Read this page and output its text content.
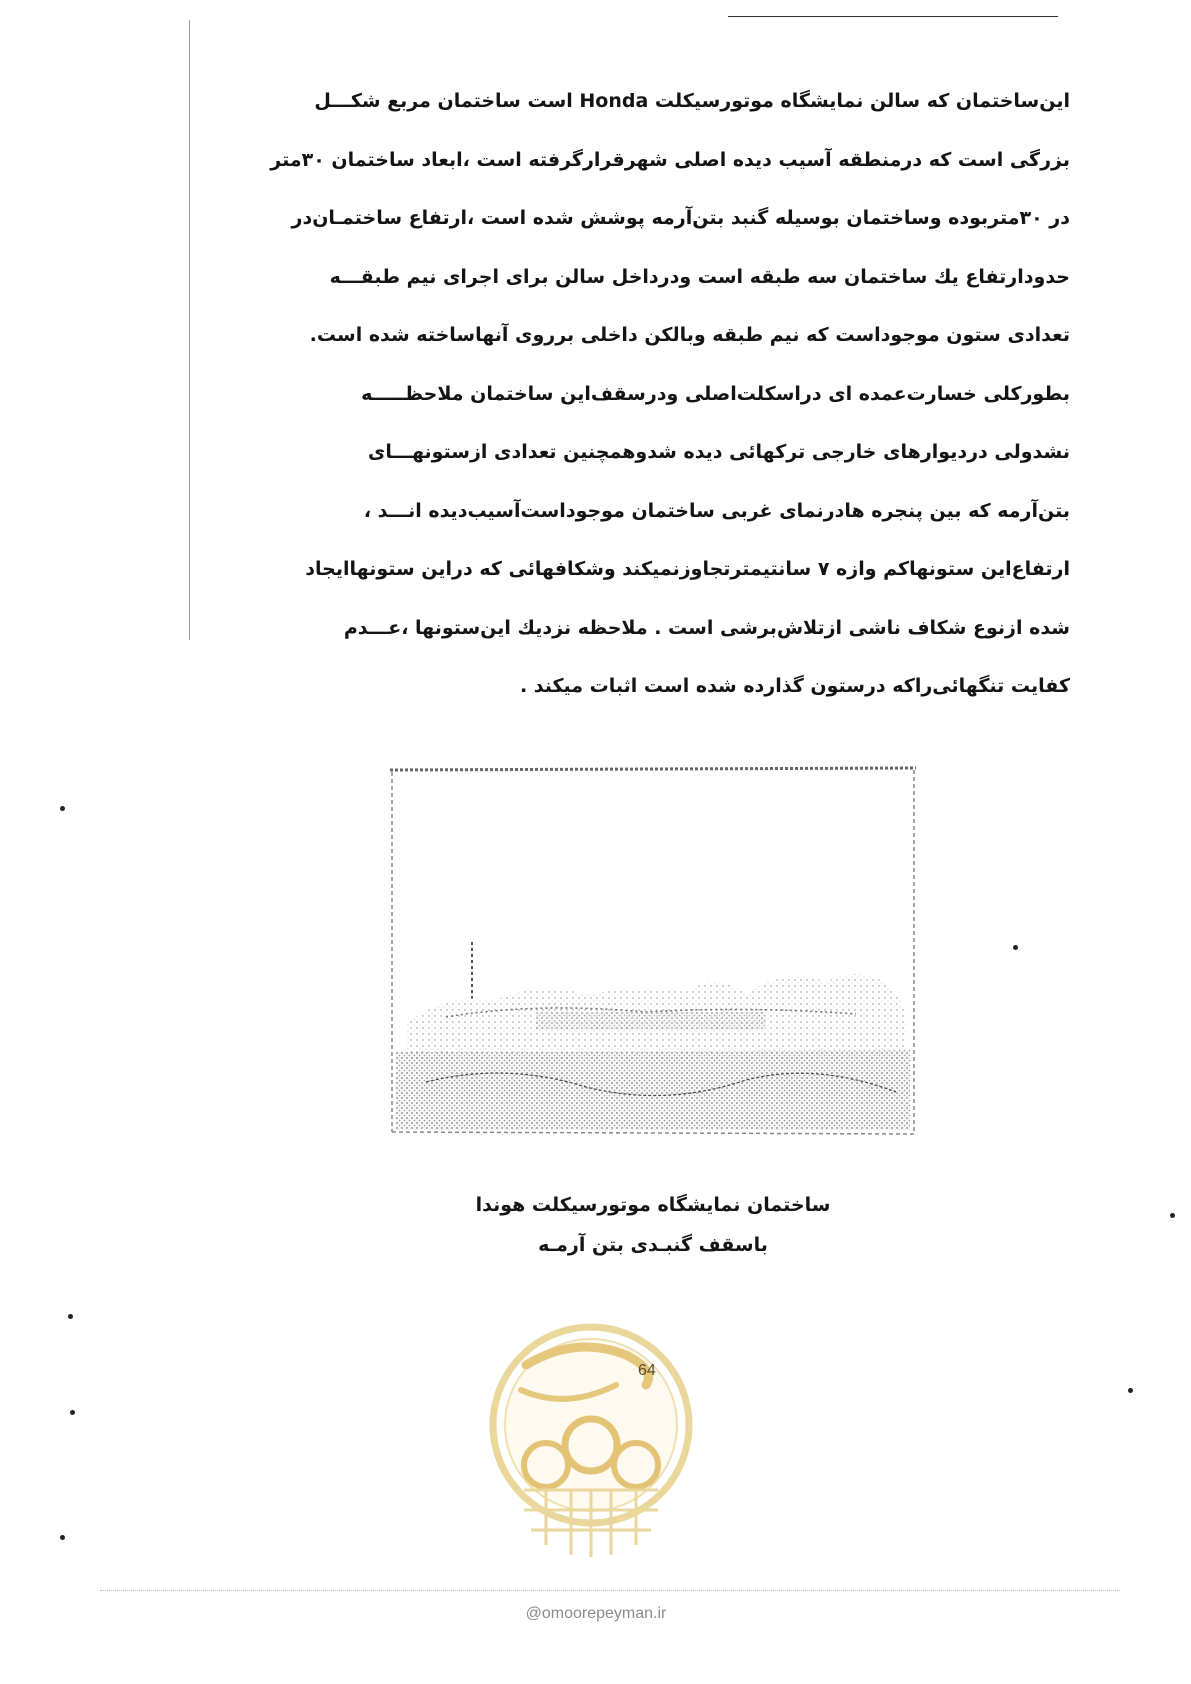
این‌ساختمان که سالن نمایشگاه موتورسیکلت Honda است ساختمان مربع شکـــل

بزرگی است که درمنطقه آسیب دیده اصلی شهرقرارگرفته است ،ابعاد ساختمان ۳۰متر

در ۳۰متربوده وساختمان بوسیله گنبد بتن‌آرمه پوشش شده است ،ارتفاع ساختمـان‌در

حدود‌ارتفاع یك ساختمان سه طبقه است ودرداخل سالن برای اجرای نیم طبقـــه

تعدادی ستون موجوداست که نیم طبقه وبالکن داخلی برروی آنهاساخته شده است.

بطورکلی خسارت‌عمده ای دراسکلت‌اصلی ودرسقف‌این ساختمان ملاحظـــــه

نشدولی دردیوارهای خارجی ترکهائی دیده شدوهمچنین تعدادی ازستونهـــای

بتن‌آرمه که بین پنجره هادرنمای غربی ساختمان موجوداست‌آسیب‌دیده انـــد ،

ارتفاع‌این ستونهاکم وازه ۷ سانتیمترتجاوزنمیکند وشکافهائی که دراین ستونهاایجاد

شده ازنوع شکاف ناشی ازتلاش‌برشی است . ملاحظه نزدیك این‌ستونها ،عـــدم

کفایت تنگهائی‌راکه درستون گذارده شده است اثبات میکند .

ساختمان نمایشگاه موتورسیکلت هوندا
باسقف گنبـدی بتن آرمـه
64
@omoorepeyman.ir
